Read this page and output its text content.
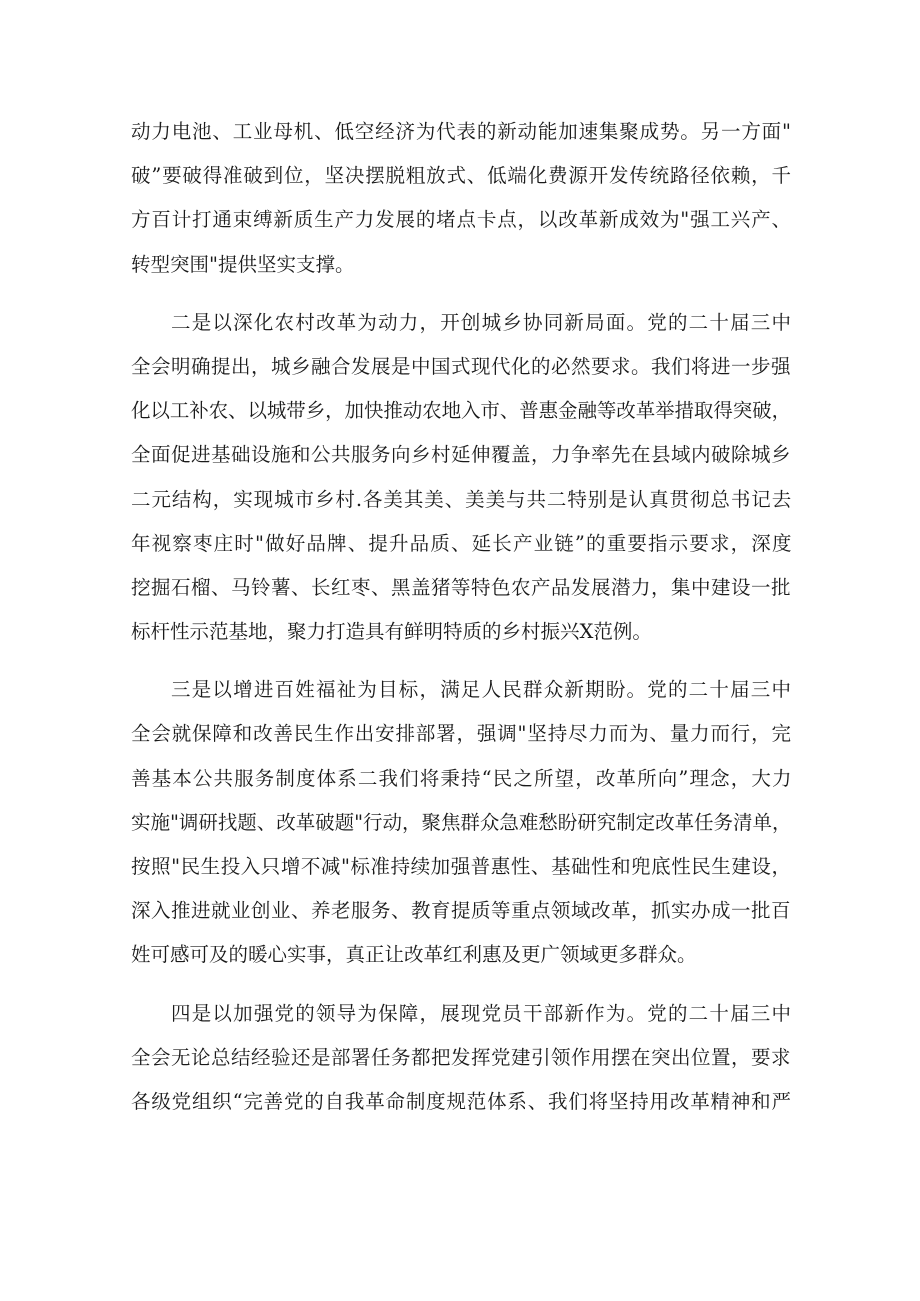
动力电池、工业母机、低空经济为代表的新动能加速集聚成势。另一方面"
破”要破得准破到位，坚决摆脱粗放式、低端化费源开发传统路径依赖，千
方百计打通束缚新质生产力发展的堵点卡点，以改革新成效为"强工兴产、
转型突围"提供坚实支撑。
二是以深化农村改革为动力，开创城乡协同新局面。党的二十届三中
全会明确提出，城乡融合发展是中国式现代化的必然要求。我们将进一步强
化以工补农、以城带乡，加快推动农地入市、普惠金融等改革举措取得突破，
全面促进基础设施和公共服务向乡村延伸覆盖，力争率先在县域内破除城乡
二元结构，实现城市乡村.各美其美、美美与共二特别是认真贯彻总书记去
年视察枣庄时"做好品牌、提升品质、延长产业链”的重要指示要求，深度
挖掘石榴、马铃薯、长红枣、黑盖猪等特色农产品发展潜力，集中建设一批
标杆性示范基地，聚力打造具有鲜明特质的乡村振兴X范例。
三是以增进百姓福祉为目标，满足人民群众新期盼。党的二十届三中
全会就保障和改善民生作出安排部署，强调"坚持尽力而为、量力而行，完
善基本公共服务制度体系二我们将秉持“民之所望，改革所向”理念，大力
实施"调研找题、改革破题"行动，聚焦群众急难愁盼研究制定改革任务清单，
按照"民生投入只增不减"标准持续加强普惠性、基础性和兜底性民生建设，
深入推进就业创业、养老服务、教育提质等重点领域改革，抓实办成一批百
姓可感可及的暖心实事，真正让改革红利惠及更广领域更多群众。
四是以加强党的领导为保障，展现党员干部新作为。党的二十届三中
全会无论总结经验还是部署任务都把发挥党建引领作用摆在突出位置，要求
各级党组织“完善党的自我革命制度规范体系、我们将坚持用改革精神和严
